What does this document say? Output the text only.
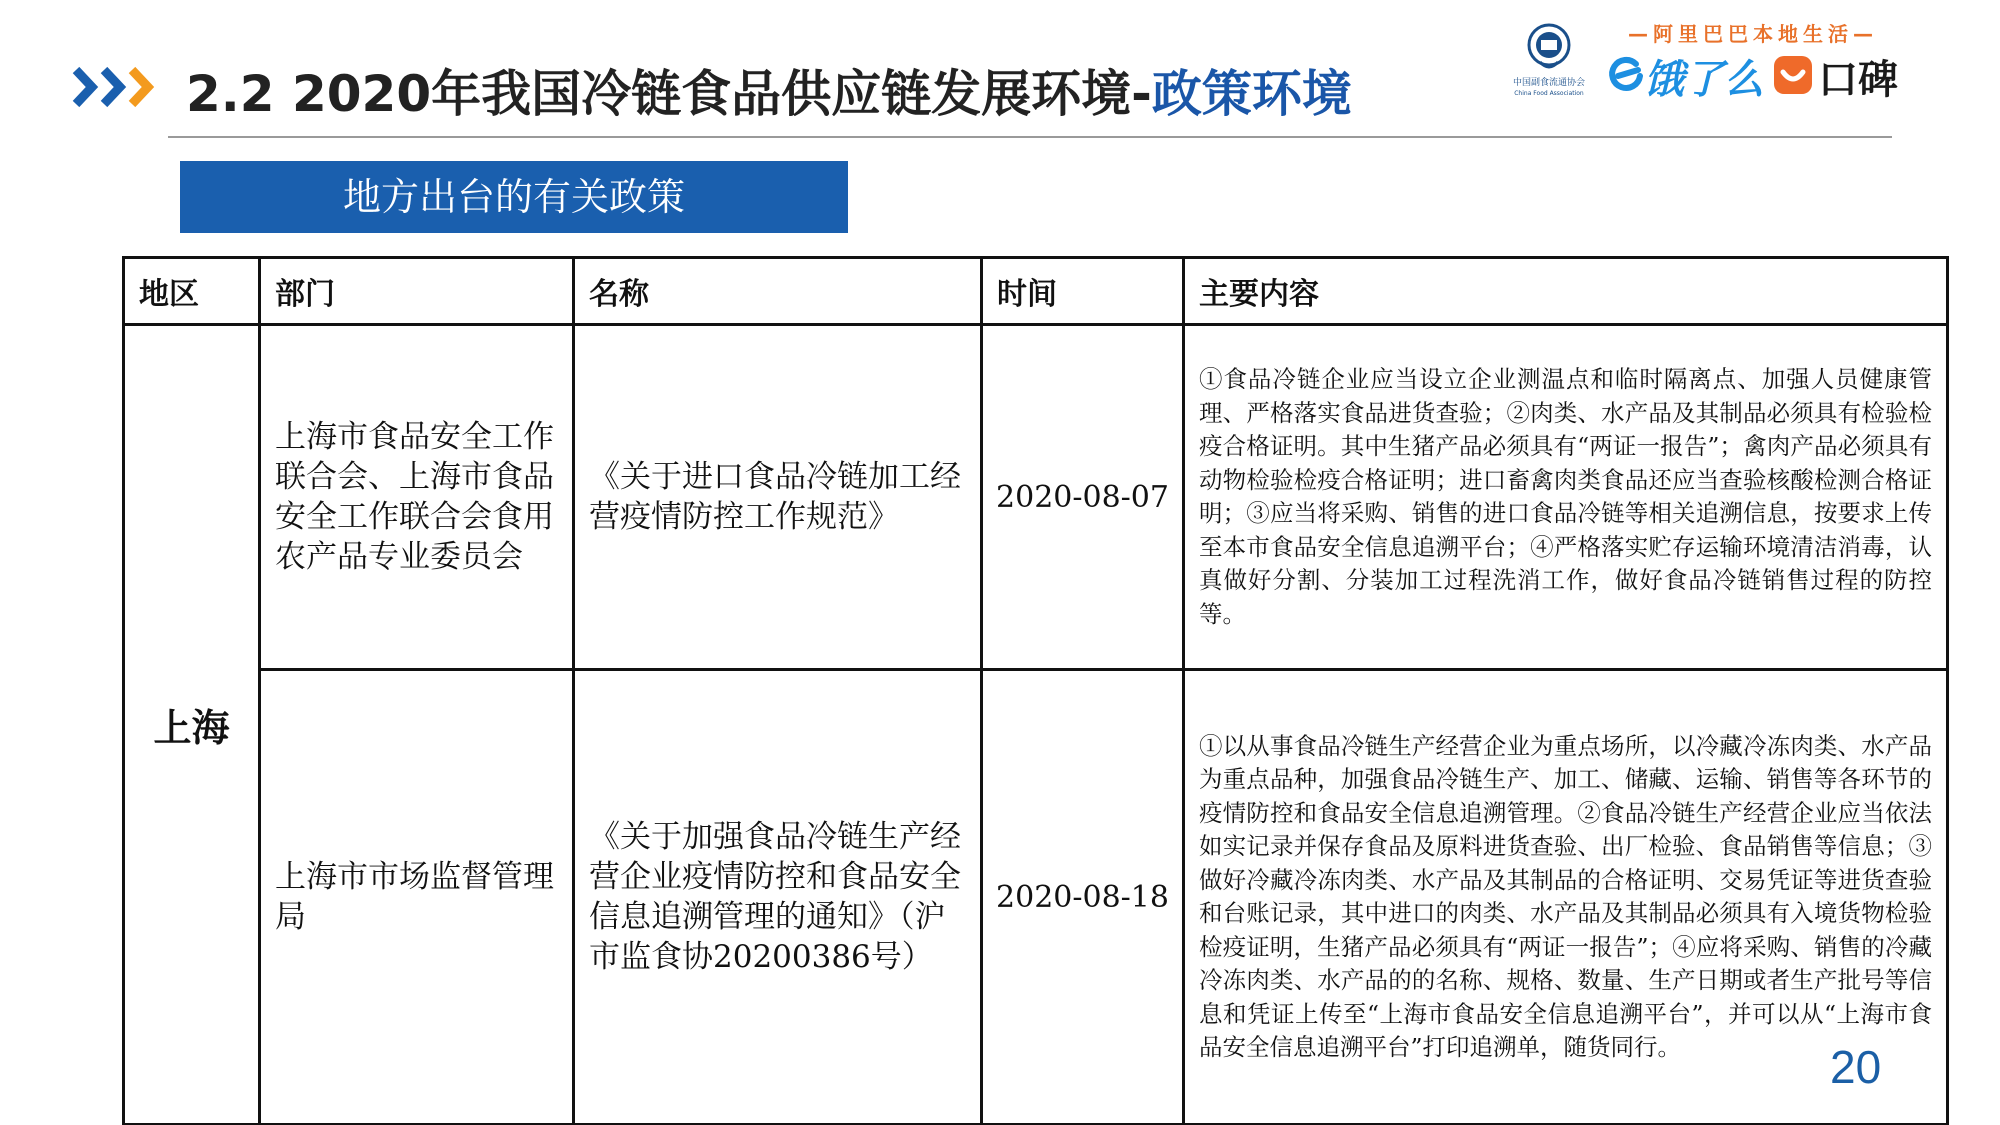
2.2 2020年我国冷链食品供应链发展环境-政策环境	中国副食流通协会
China Food Association
—阿里巴巴本地生活—
饿了么 口碑
地方出台的有关政策
地区	部门	名称	时间	主要内容
上海	上海市食品安全工作联合会、上海市食品安全工作联合会食用农产品专业委员会	《关于进口食品冷链加工经营疫情防控工作规范》	2020-08-07	①食品冷链企业应当设立企业测温点和临时隔离点、加强人员健康管理、严格落实食品进货查验；②肉类、水产品及其制品必须具有检验检疫合格证明。其中生猪产品必须具有“两证一报告”；禽肉产品必须具有动物检验检疫合格证明；进口畜禽肉类食品还应当查验核酸检测合格证明；③应当将采购、销售的进口食品冷链等相关追溯信息，按要求上传至本市食品安全信息追溯平台；④严格落实贮存运输环境清洁消毒，认真做好分割、分装加工过程洗消工作，做好食品冷链销售过程的防控等。
	上海市市场监督管理局	《关于加强食品冷链生产经营企业疫情防控和食品安全信息追溯管理的通知》（沪市监食协20200386号）	2020-08-18	①以从事食品冷链生产经营企业为重点场所，以冷藏冷冻肉类、水产品为重点品种，加强食品冷链生产、加工、储藏、运输、销售等各环节的疫情防控和食品安全信息追溯管理。②食品冷链生产经营企业应当依法如实记录并保存食品及原料进货查验、出厂检验、食品销售等信息；③做好冷藏冷冻肉类、水产品及其制品的合格证明、交易凭证等进货查验和台账记录，其中进口的肉类、水产品及其制品必须具有入境货物检验检疫证明，生猪产品必须具有“两证一报告”；④应将采购、销售的冷藏冷冻肉类、水产品的的名称、规格、数量、生产日期或者生产批号等信息和凭证上传至“上海市食品安全信息追溯平台”，并可以从“上海市食品安全信息追溯平台”打印追溯单，随货同行。	20
